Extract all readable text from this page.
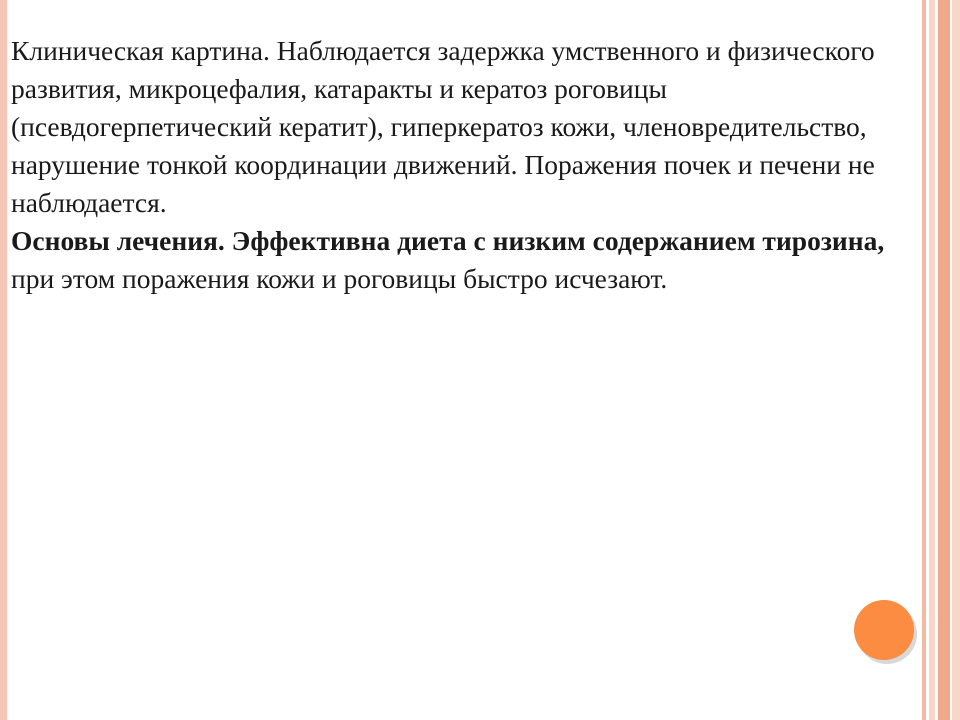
Клиническая картина. Наблюдается задержка умственного и физического развития, микроцефалия, катаракты и кератоз роговицы (псевдогерпетический кератит), гиперкератоз кожи, членовредительство, нарушение тонкой координации движений. Поражения почек и печени не наблюдается.

Основы лечения. Эффективна диета с низким содержанием тирозина, при этом поражения кожи и роговицы быстро исчезают.
